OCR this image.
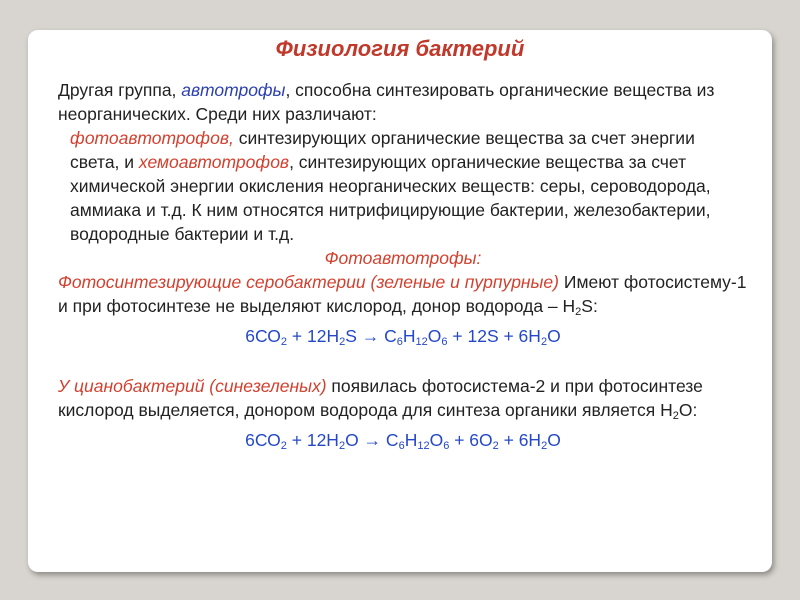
Физиология бактерий
Другая группа, автотрофы, способна синтезировать органические вещества из неорганических. Среди них различают:
фотоавтотрофов, синтезирующих органические вещества за счет энергии света, и хемоавтотрофов, синтезирующих органические вещества за счет химической энергии окисления неорганических веществ: серы, сероводорода, аммиака и т.д. К ним относятся нитрифицирующие бактерии, железобактерии, водородные бактерии и т.д.
Фотоавтотрофы:
Фотосинтезирующие серобактерии (зеленые и пурпурные) Имеют фотосистему-1 и при фотосинтезе не выделяют кислород, донор водорода – $Н_2S$:
$6СО_2 + 12Н_2S \to С_6Н_{12}О_6 + 12S + 6H_2O$
У цианобактерий (синезеленых) появилась фотосистема-2 и при фотосинтезе кислород выделяется, донором водорода для синтеза органики является $Н_2О$:
$6СО_2 + 12Н_2О \to С_6Н_{12}О_6 + 6О_2 + 6Н_2О$
